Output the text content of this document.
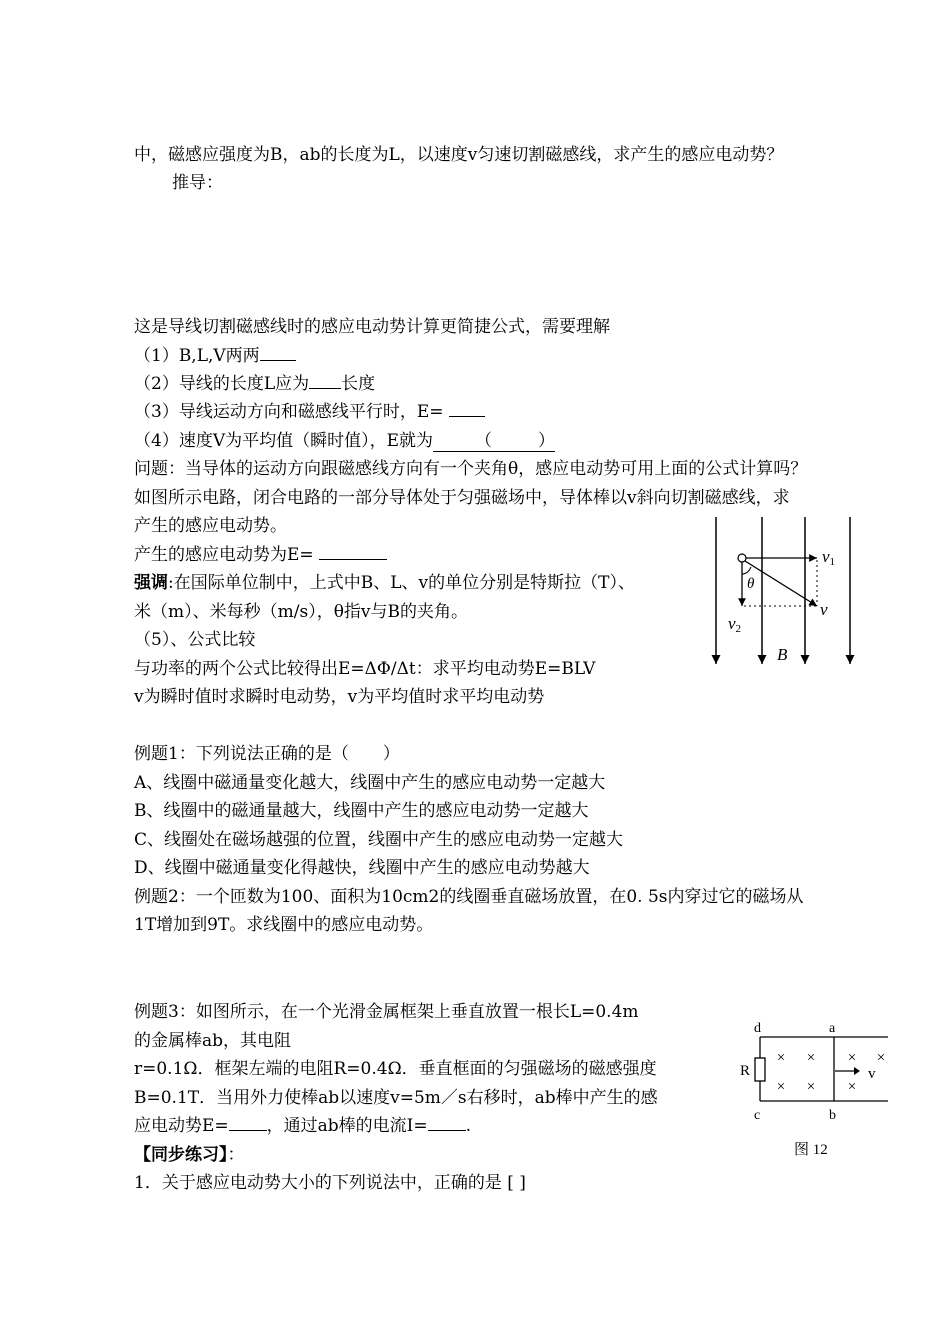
中，磁感应强度为B，ab的长度为L，以速度v匀速切割磁感线，求产生的感应电动势？
推导：
这是导线切割磁感线时的感应电动势计算更简捷公式，需要理解
（1）B,L,V两两
（2）导线的长度L应为 长度
（3）导线运动方向和磁感线平行时，E=
（4）速度V为平均值（瞬时值），E就为 （	）
问题：当导体的运动方向跟磁感线方向有一个夹角θ，感应电动势可用上面的公式计算吗？
如图所示电路，闭合电路的一部分导体处于匀强磁场中，导体棒以v斜向切割磁感线，求
产生的感应电动势。
产生的感应电动势为E=
强调:在国际单位制中，上式中B、L、v的单位分别是特斯拉（T）、
米（m）、米每秒（m/s），θ指v与B的夹角。
（5）、公式比较
与功率的两个公式比较得出E=ΔΦ/Δt：求平均电动势E=BLV
v为瞬时值时求瞬时电动势，v为平均值时求平均电动势
例题1：下列说法正确的是（　　）
A、线圈中磁通量变化越大，线圈中产生的感应电动势一定越大
B、线圈中的磁通量越大，线圈中产生的感应电动势一定越大
C、线圈处在磁场越强的位置，线圈中产生的感应电动势一定越大
D、线圈中磁通量变化得越快，线圈中产生的感应电动势越大
例题2：一个匝数为100、面积为10cm2的线圈垂直磁场放置，在0. 5s内穿过它的磁场从
1T增加到9T。求线圈中的感应电动势。
例题3：如图所示，在一个光滑金属框架上垂直放置一根长L=0.4m
的金属棒ab，其电阻
r=0.1Ω．框架左端的电阻R=0.4Ω．垂直框面的匀强磁场的磁感强度
B=0.1T．当用外力使棒ab以速度v=5m／s右移时，ab棒中产生的感
应电动势E= ，通过ab棒的电流I= .
【同步练习】：
1．关于感应电动势大小的下列说法中，正确的是 [ ]
v1
θ
v
v2
B
× × × ×
× × ×
v
d	a
R
c	b
图 12
